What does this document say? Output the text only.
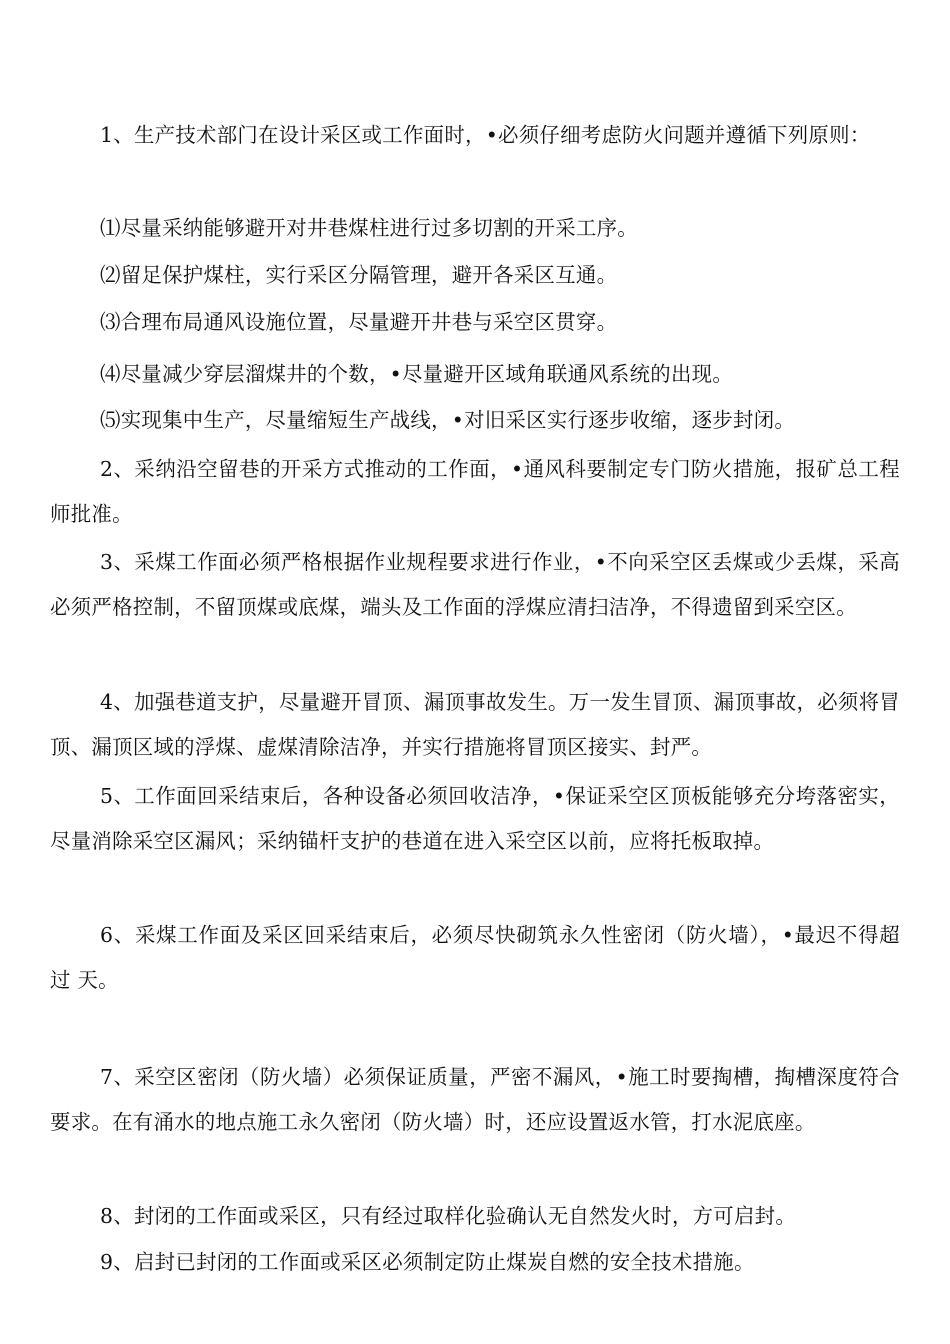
1、生产技术部门在设计采区或工作面时，•必须仔细考虑防火问题并遵循下列原则：

⑴尽量采纳能够避开对井巷煤柱进行过多切割的开采工序。

⑵留足保护煤柱，实行采区分隔管理，避开各采区互通。

⑶合理布局通风设施位置，尽量避开井巷与采空区贯穿。

⑷尽量减少穿层溜煤井的个数，•尽量避开区域角联通风系统的出现。

⑸实现集中生产，尽量缩短生产战线，•对旧采区实行逐步收缩，逐步封闭。

2、采纳沿空留巷的开采方式推动的工作面，•通风科要制定专门防火措施，报矿总工程师批准。

3、采煤工作面必须严格根据作业规程要求进行作业，•不向采空区丢煤或少丢煤，采高必须严格控制，不留顶煤或底煤，端头及工作面的浮煤应清扫洁净，不得遗留到采空区。

4、加强巷道支护，尽量避开冒顶、漏顶事故发生。万一发生冒顶、漏顶事故，必须将冒顶、漏顶区域的浮煤、虚煤清除洁净，并实行措施将冒顶区接实、封严。

5、工作面回采结束后，各种设备必须回收洁净，•保证采空区顶板能够充分垮落密实，尽量消除采空区漏风；采纳锚杆支护的巷道在进入采空区以前，应将托板取掉。

6、采煤工作面及采区回采结束后，必须尽快砌筑永久性密闭（防火墙），•最迟不得超过 天。

7、采空区密闭（防火墙）必须保证质量，严密不漏风，•施工时要掏槽，掏槽深度符合要求。在有涌水的地点施工永久密闭（防火墙）时，还应设置返水管，打水泥底座。

8、封闭的工作面或采区，只有经过取样化验确认无自然发火时，方可启封。

9、启封已封闭的工作面或采区必须制定防止煤炭自燃的安全技术措施。
